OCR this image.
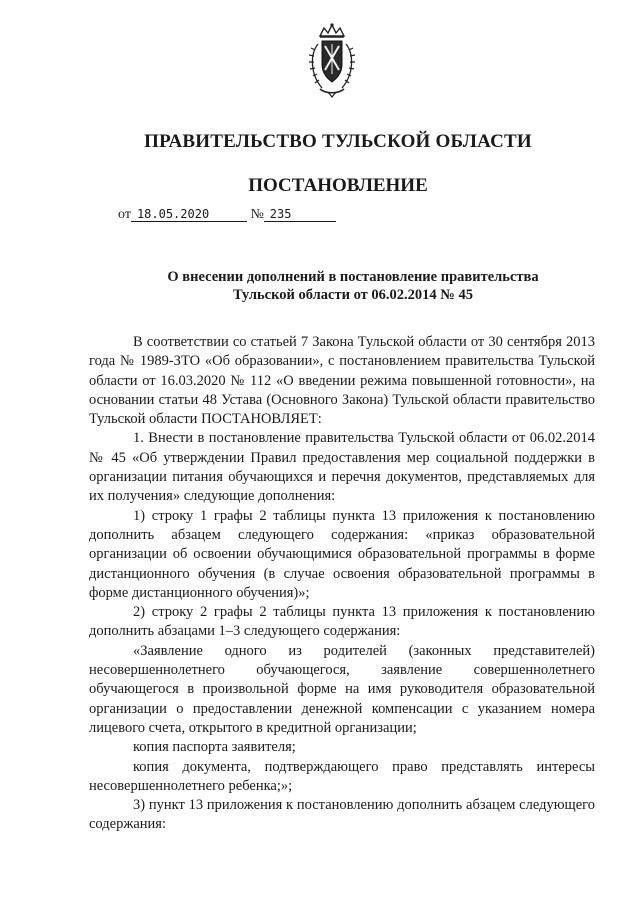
ПРАВИТЕЛЬСТВО ТУЛЬСКОЙ ОБЛАСТИ
ПОСТАНОВЛЕНИЕ
от 18.05.2020	№ 235
О внесении дополнений в постановление правительства
Тульской области от 06.02.2014 № 45

В соответствии со статьей 7 Закона Тульской области от 30 сентября 2013 года № 1989-ЗТО «Об образовании», с постановлением правительства Тульской области от 16.03.2020 № 112 «О введении режима повышенной готовности», на основании статьи 48 Устава (Основного Закона) Тульской области правительство Тульской области ПОСТАНОВЛЯЕТ:

1. Внести в постановление правительства Тульской области от 06.02.2014 № 45 «Об утверждении Правил предоставления мер социальной поддержки в организации питания обучающихся и перечня документов, представляемых для их получения» следующие дополнения:

1) строку 1 графы 2 таблицы пункта 13 приложения к постановлению дополнить абзацем следующего содержания: «приказ образовательной организации об освоении обучающимися образовательной программы в форме дистанционного обучения (в случае освоения образовательной программы в форме дистанционного обучения)»;

2) строку 2 графы 2 таблицы пункта 13 приложения к постановлению дополнить абзацами 1–3 следующего содержания:

«Заявление одного из родителей (законных представителей) несовершеннолетнего обучающегося, заявление совершеннолетнего обучающегося в произвольной форме на имя руководителя образовательной организации о предоставлении денежной компенсации с указанием номера лицевого счета, открытого в кредитной организации;

копия паспорта заявителя;

копия документа, подтверждающего право представлять интересы несовершеннолетнего ребенка;»;

3) пункт 13 приложения к постановлению дополнить абзацем следующего содержания:
